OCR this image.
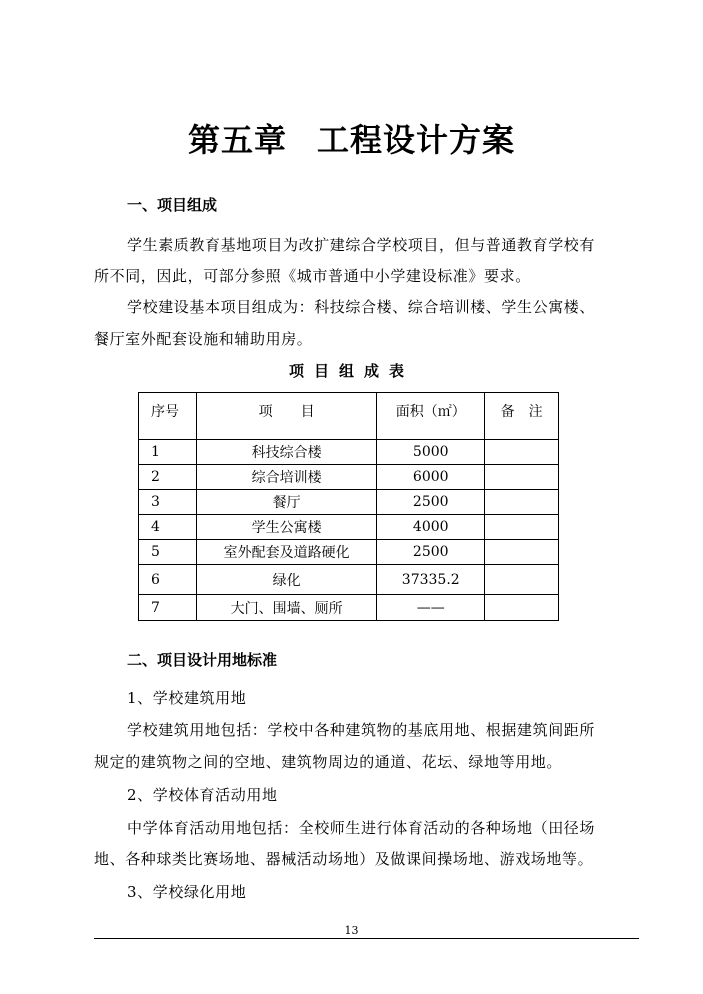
第五章 工程设计方案
一、项目组成
学生素质教育基地项目为改扩建综合学校项目，但与普通教育学校有
所不同，因此，可部分参照《城市普通中小学建设标准》要求。
学校建设基本项目组成为：科技综合楼、综合培训楼、学生公寓楼、
餐厅室外配套设施和辅助用房。
项目组成表
序号	项　　目	面积（㎡）	备　注
1	科技综合楼	5000	
2	综合培训楼	6000	
3	餐厅	2500	
4	学生公寓楼	4000	
5	室外配套及道路硬化	2500	
6	绿化	37335.2	
7	大门、围墙、厕所	——	
二、项目设计用地标准
1、学校建筑用地
学校建筑用地包括：学校中各种建筑物的基底用地、根据建筑间距所
规定的建筑物之间的空地、建筑物周边的通道、花坛、绿地等用地。
2、学校体育活动用地
中学体育活动用地包括：全校师生进行体育活动的各种场地（田径场
地、各种球类比赛场地、器械活动场地）及做课间操场地、游戏场地等。
3、学校绿化用地
13
